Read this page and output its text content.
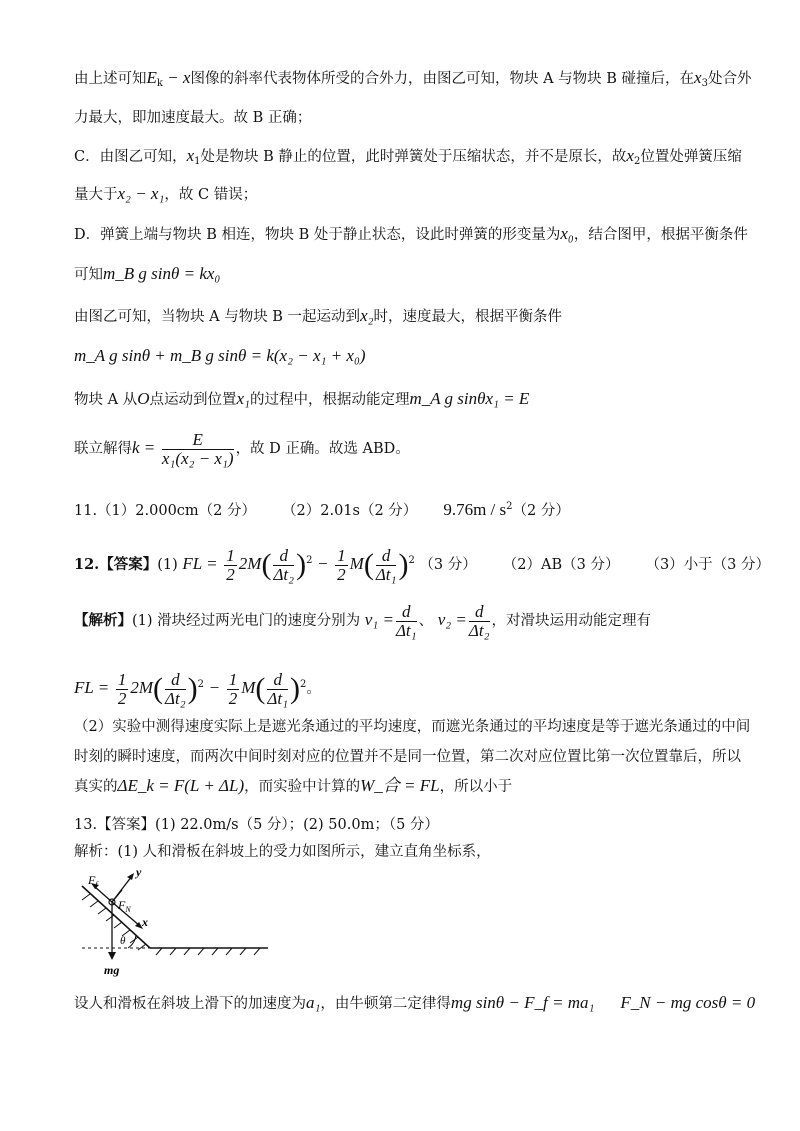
由上述可知$E_k - x$图像的斜率代表物体所受的合外力，由图乙可知，物块 A 与物块 B 碰撞后，在$x_3$处合外
力最大，即加速度最大。故 B 正确；
C．由图乙可知，$x_1$处是物块 B 静止的位置，此时弹簧处于压缩状态，并不是原长，故$x_2$位置处弹簧压缩
量大于x₂ − x₁，故 C 错误；
D．弹簧上端与物块 B 相连，物块 B 处于静止状态，设此时弹簧的形变量为x₀，结合图甲，根据平衡条件
可知m_B g sinθ = kx₀
由图乙可知，当物块 A 与物块 B 一起运动到x₂时，速度最大，根据平衡条件
m_A g sinθ + m_B g sinθ = k(x₂ − x₁ + x₀)
物块 A 从O点运动到位置x₁的过程中，根据动能定理m_A g sinθx₁ = E
联立解得$k = \frac{E}{\text{x₁(x₂ − x₁)}}$ ，故 D 正确。故选 ABD。
11.（1）2.000cm（2 分） （2）2.01s（2 分） $9.76m / s^2(2$ 分）
12.【答案】(1) FL = $\frac{1}{2} 2M( \frac{d}{\text{Δt₂}} )^2 - \frac{1}{2} M( \frac{d}{\text{Δt₁}} )^2$ （3 分） （2）AB（3 分） （3）小于（3 分）
【解析】(1) 滑块经过两光电门的速度分别为 $v_1 = \frac{d}{\text{Δt₁}}$ 、 $v_2 = \frac{d}{\text{Δt₂}}$ ，对滑块运用动能定理有
FL = $\frac{1}{2} 2M( \frac{d}{\text{Δt₂}} )^2 - \frac{1}{2} M( \frac{d}{\text{Δt₁}} )^2$。
（2）实验中测得速度实际上是遮光条通过的平均速度，而遮光条通过的平均速度是等于遮光条通过的中间
时刻的瞬时速度，而两次中间时刻对应的位置并不是同一位置，第二次对应位置比第一次位置靠后，所以
真实的ΔE_k = F(L + ΔL)，而实验中计算的W_合 = FL，所以小于
13.【答案】(1) 22.0m/s（5 分）；(2) 50.0m；（5 分）
解析：(1) 人和滑板在斜坡上的受力如图所示，建立直角坐标系，
$F_f$
$F_N$
y
x
θ
mg
设人和滑板在斜坡上滑下的加速度为a₁，由牛顿第二定律得mg sinθ − F_f = ma₁ F_N − mg cosθ = 0
